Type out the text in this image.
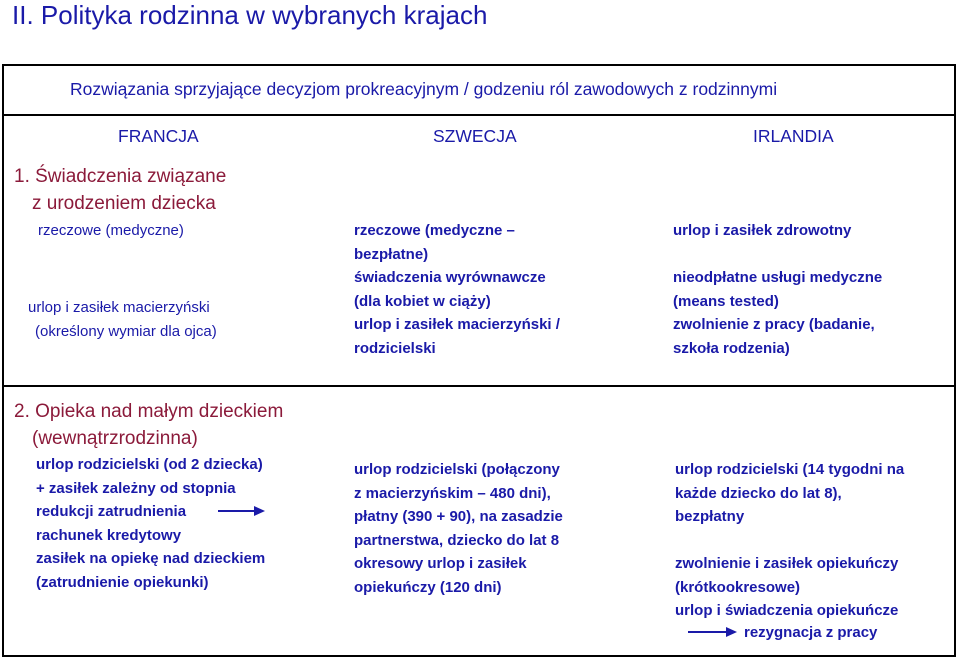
II. Polityka rodzinna w wybranych krajach
Rozwiązania sprzyjające decyzjom prokreacyjnym / godzeniu ról zawodowych z rodzinnymi
FRANCJA	SZWECJA	IRLANDIA
1. Świadczenia związane
z urodzeniem dziecka
rzeczowe (medyczne)
urlop i zasiłek macierzyński
(określony wymiar dla ojca)
rzeczowe (medyczne –
bezpłatne)
świadczenia wyrównawcze
(dla kobiet w ciąży)
urlop i zasiłek macierzyński /
rodzicielski
urlop i zasiłek zdrowotny
nieodpłatne usługi medyczne
(means tested)
zwolnienie z pracy (badanie,
szkoła rodzenia)
2. Opieka nad małym dzieckiem
(wewnątrzrodzinna)
urlop rodzicielski (od 2 dziecka)
+ zasiłek zależny od stopnia
redukcji zatrudnienia
rachunek kredytowy
zasiłek na opiekę nad dzieckiem
(zatrudnienie opiekunki)
urlop rodzicielski (połączony
z macierzyńskim – 480 dni),
płatny (390 + 90), na zasadzie
partnerstwa, dziecko do lat 8
okresowy urlop i zasiłek
opiekuńczy (120 dni)
urlop rodzicielski (14 tygodni na
każde dziecko do lat 8),
bezpłatny
zwolnienie i zasiłek opiekuńczy
(krótkookresowe)
urlop i świadczenia opiekuńcze
rezygnacja z pracy
